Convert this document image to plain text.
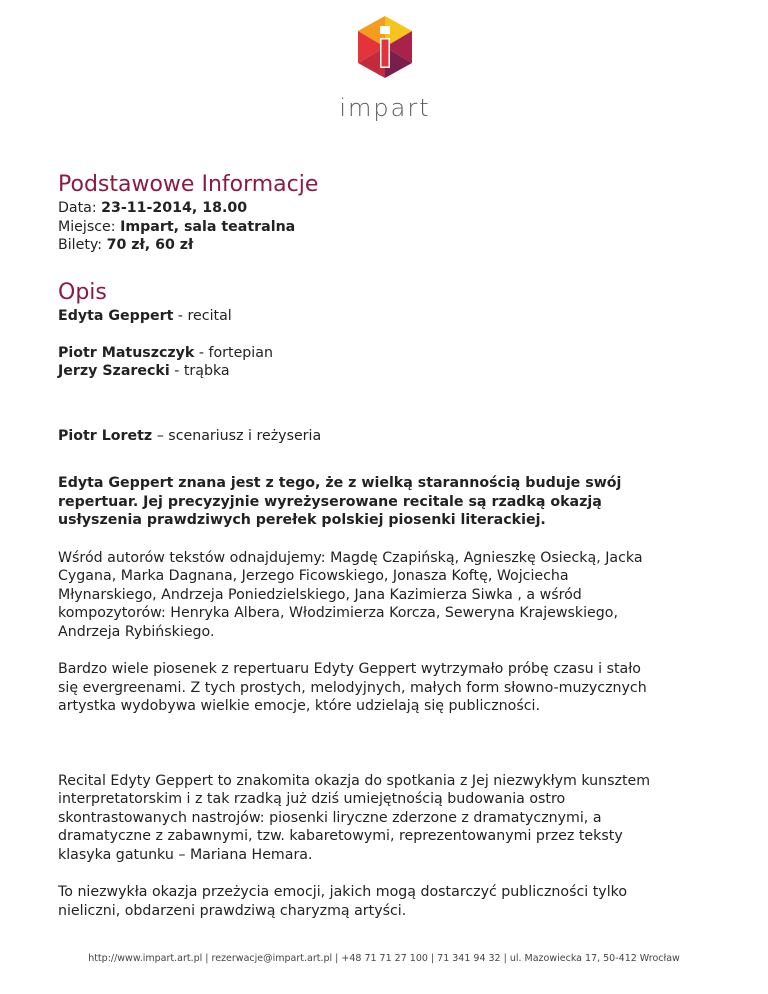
impart
Podstawowe Informacje
Data: 23-11-2014, 18.00
Miejsce: Impart, sala teatralna
Bilety: 70 zł, 60 zł
Opis
Edyta Geppert - recital
Piotr Matuszczyk - fortepian
Jerzy Szarecki - trąbka
Piotr Loretz – scenariusz i reżyseria

Edyta Geppert znana jest z tego, że z wielką starannością buduje swój

repertuar. Jej precyzyjnie wyreżyserowane recitale są rzadką okazją

usłyszenia prawdziwych perełek polskiej piosenki literackiej.

Wśród autorów tekstów odnajdujemy: Magdę Czapińską, Agnieszkę Osiecką, Jacka

Cygana, Marka Dagnana, Jerzego Ficowskiego, Jonasza Koftę, Wojciecha

Młynarskiego, Andrzeja Poniedzielskiego, Jana Kazimierza Siwka , a wśród

kompozytorów: Henryka Albera, Włodzimierza Korcza, Seweryna Krajewskiego,

Andrzeja Rybińskiego.

Bardzo wiele piosenek z repertuaru Edyty Geppert wytrzymało próbę czasu i stało

się evergreenami. Z tych prostych, melodyjnych, małych form słowno-muzycznych

artystka wydobywa wielkie emocje, które udzielają się publiczności.

Recital Edyty Geppert to znakomita okazja do spotkania z Jej niezwykłym kunsztem

interpretatorskim i z tak rzadką już dziś umiejętnością budowania ostro

skontrastowanych nastrojów: piosenki liryczne zderzone z dramatycznymi, a

dramatyczne z zabawnymi, tzw. kabaretowymi, reprezentowanymi przez teksty

klasyka gatunku – Mariana Hemara.

To niezwykła okazja przeżycia emocji, jakich mogą dostarczyć publiczności tylko

nieliczni, obdarzeni prawdziwą charyzmą artyści.

http://www.impart.art.pl | rezerwacje@impart.art.pl | +48 71 71 27 100 | 71 341 94 32 | ul. Mazowiecka 17, 50-412 Wrocław
